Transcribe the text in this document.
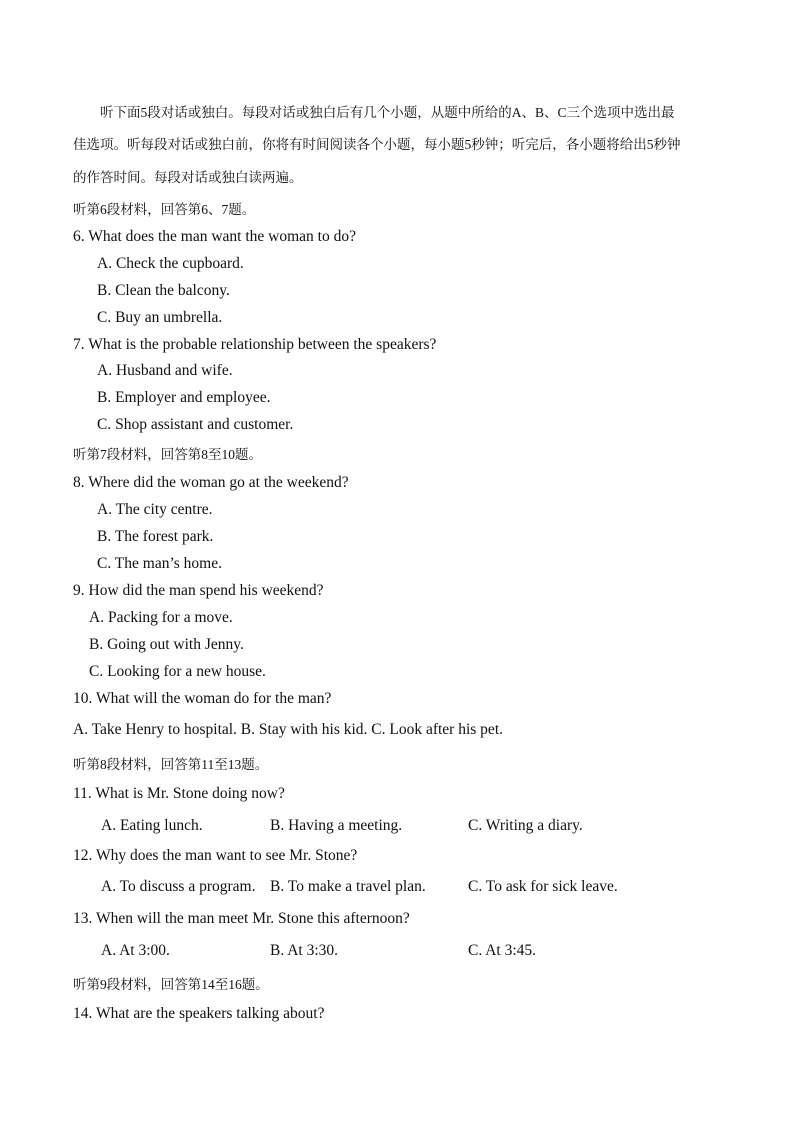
听下面5段对话或独白。每段对话或独白后有几个小题，从题中所给的A、B、C三个选项中选出最
佳选项。听每段对话或独白前，你将有时间阅读各个小题，每小题5秒钟；听完后，各小题将给出5秒钟
的作答时间。每段对话或独白读两遍。
听第6段材料，回答第6、7题。
6. What does the man want the woman to do?
A. Check the cupboard.
B. Clean the balcony.
C. Buy an umbrella.
7. What is the probable relationship between the speakers?
A. Husband and wife.
B. Employer and employee.
C. Shop assistant and customer.
听第7段材料，回答第8至10题。
8. Where did the woman go at the weekend?
A. The city centre.
B. The forest park.
C. The man’s home.
9. How did the man spend his weekend?
A. Packing for a move.
B. Going out with Jenny.
C. Looking for a new house.
10. What will the woman do for the man?
A. Take Henry to hospital. B. Stay with his kid. C. Look after his pet.
听第8段材料，回答第11至13题。
11. What is Mr. Stone doing now?
A. Eating lunch.	B. Having a meeting.	C. Writing a diary.
12. Why does the man want to see Mr. Stone?
A. To discuss a program. B. To make a travel plan.	C. To ask for sick leave.
13. When will the man meet Mr. Stone this afternoon?
A. At 3:00.	B. At 3:30.	C. At 3:45.
听第9段材料，回答第14至16题。
14. What are the speakers talking about?
